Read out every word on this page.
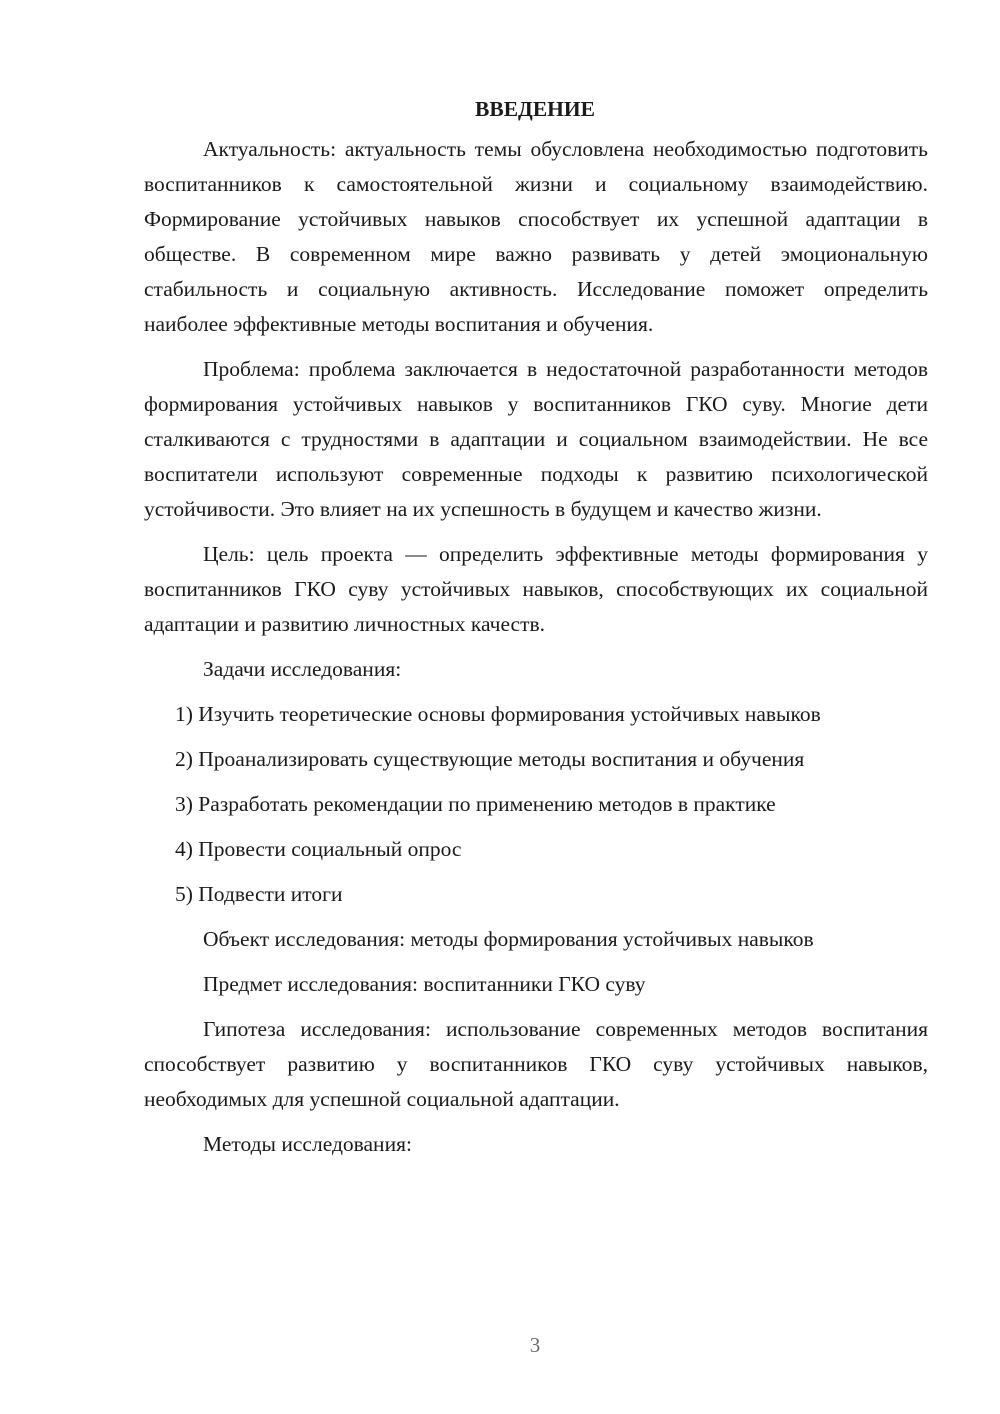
ВВЕДЕНИЕ

Актуальность: актуальность темы обусловлена необходимостью подготовить воспитанников к самостоятельной жизни и социальному взаимодействию. Формирование устойчивых навыков способствует их успешной адаптации в обществе. В современном мире важно развивать у детей эмоциональную стабильность и социальную активность. Исследование поможет определить наиболее эффективные методы воспитания и обучения.

Проблема: проблема заключается в недостаточной разработанности методов формирования устойчивых навыков у воспитанников ГКО суву. Многие дети сталкиваются с трудностями в адаптации и социальном взаимодействии. Не все воспитатели используют современные подходы к развитию психологической устойчивости. Это влияет на их успешность в будущем и качество жизни.

Цель: цель проекта — определить эффективные методы формирования у воспитанников ГКО суву устойчивых навыков, способствующих их социальной адаптации и развитию личностных качеств.

Задачи исследования:
1) Изучить теоретические основы формирования устойчивых навыков
2) Проанализировать существующие методы воспитания и обучения
3) Разработать рекомендации по применению методов в практике
4) Провести социальный опрос
5) Подвести итоги
Объект исследования: методы формирования устойчивых навыков
Предмет исследования: воспитанники ГКО суву

Гипотеза исследования: использование современных методов воспитания способствует развитию у воспитанников ГКО суву устойчивых навыков, необходимых для успешной социальной адаптации.

Методы исследования:
3
